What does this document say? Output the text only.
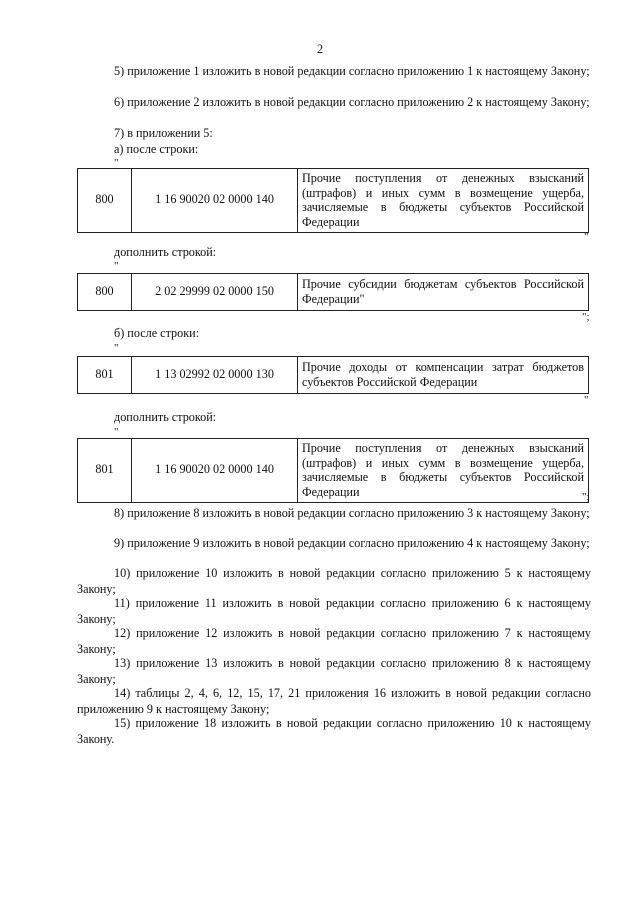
2
5) приложение 1 изложить в новой редакции согласно приложению 1 к настоящему Закону;
6) приложение 2 изложить в новой редакции согласно приложению 2 к настоящему Закону;
7) в приложении 5:
а) после строки:
"
800	1 16 90020 02 0000 140	Прочие поступления от денежных взысканий (штрафов) и иных сумм в возмещение ущерба, зачисляемые в бюджеты субъектов Российской Федерации
"
дополнить строкой:
"
800	2 02 29999 02 0000 150	Прочие субсидии бюджетам субъектов Российской Федерации"
";
б) после строки:
"
801	1 13 02992 02 0000 130	Прочие доходы от компенсации затрат бюджетов субъектов Российской Федерации
"
дополнить строкой:
"
801	1 16 90020 02 0000 140	Прочие поступления от денежных взысканий (штрафов) и иных сумм в возмещение ущерба, зачисляемые в бюджеты субъектов Российской Федерации	";
8) приложение 8 изложить в новой редакции согласно приложению 3 к настоящему Закону;
9) приложение 9 изложить в новой редакции согласно приложению 4 к настоящему Закону;
10) приложение 10 изложить в новой редакции согласно приложению 5 к настоящему Закону;
11) приложение 11 изложить в новой редакции согласно приложению 6 к настоящему Закону;
12) приложение 12 изложить в новой редакции согласно приложению 7 к настоящему Закону;
13) приложение 13 изложить в новой редакции согласно приложению 8 к настоящему Закону;
14) таблицы 2, 4, 6, 12, 15, 17, 21 приложения 16 изложить в новой редакции согласно приложению 9 к настоящему Закону;
15) приложение 18 изложить в новой редакции согласно приложению 10 к настоящему Закону.
